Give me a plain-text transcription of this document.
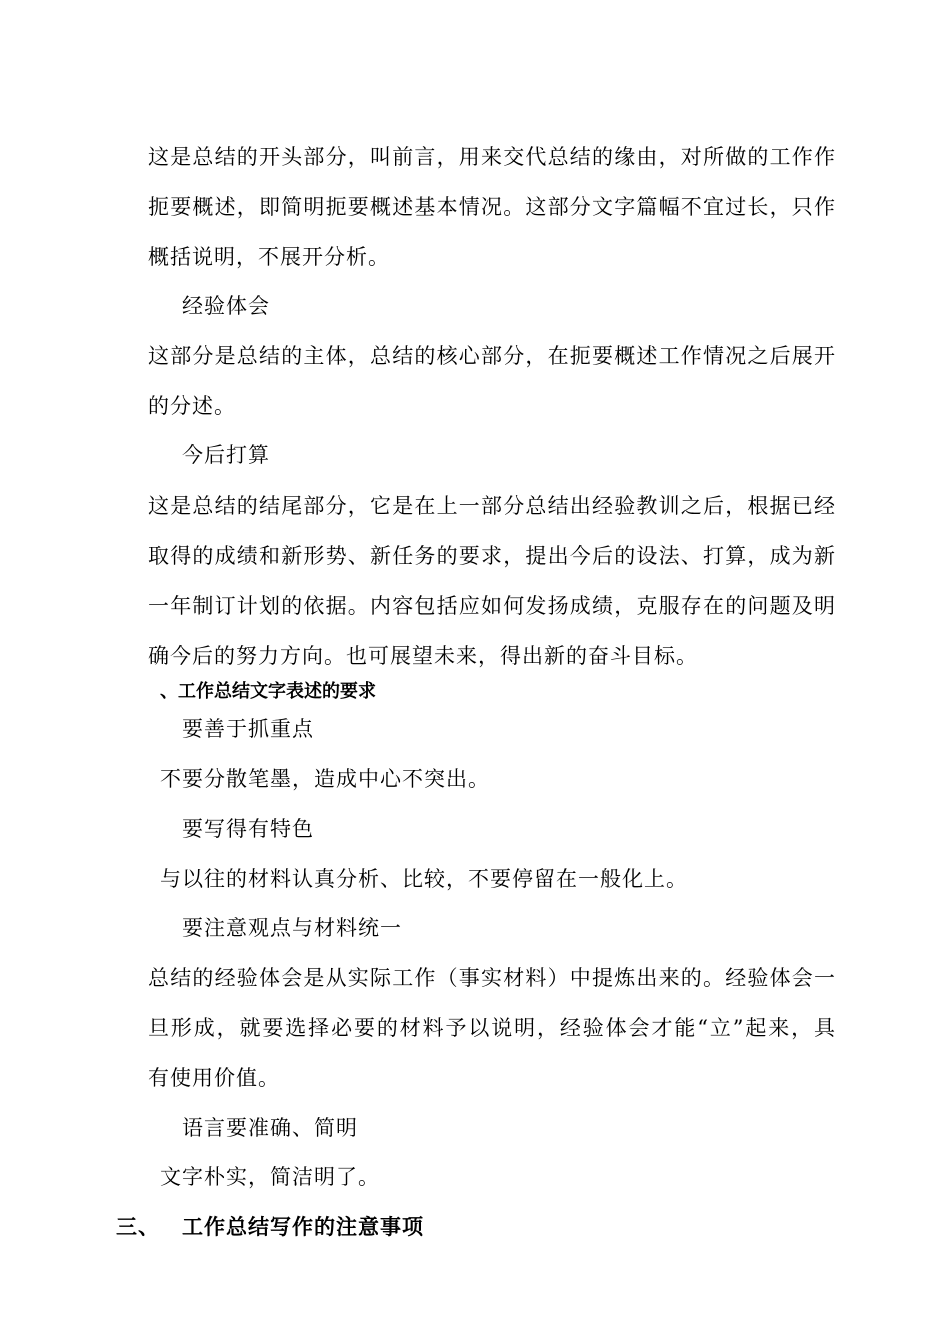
这是总结的开头部分，叫前言，用来交代总结的缘由，对所做的工作作
扼要概述，即简明扼要概述基本情况。这部分文字篇幅不宜过长，只作
概括说明，不展开分析。
经验体会
这部分是总结的主体，总结的核心部分，在扼要概述工作情况之后展开
的分述。
今后打算
这是总结的结尾部分，它是在上一部分总结出经验教训之后，根据已经
取得的成绩和新形势、新任务的要求，提出今后的设法、打算，成为新
一年制订计划的依据。内容包括应如何发扬成绩，克服存在的问题及明
确今后的努力方向。也可展望未来，得出新的奋斗目标。
、工作总结文字表述的要求
要善于抓重点
不要分散笔墨，造成中心不突出。
要写得有特色
与以往的材料认真分析、比较，不要停留在一般化上。
要注意观点与材料统一
总结的经验体会是从实际工作（事实材料）中提炼出来的。经验体会一
旦形成，就要选择必要的材料予以说明，经验体会才能“立”起来，具
有使用价值。
语言要准确、简明
文字朴实，简洁明了。
三、 工作总结写作的注意事项
